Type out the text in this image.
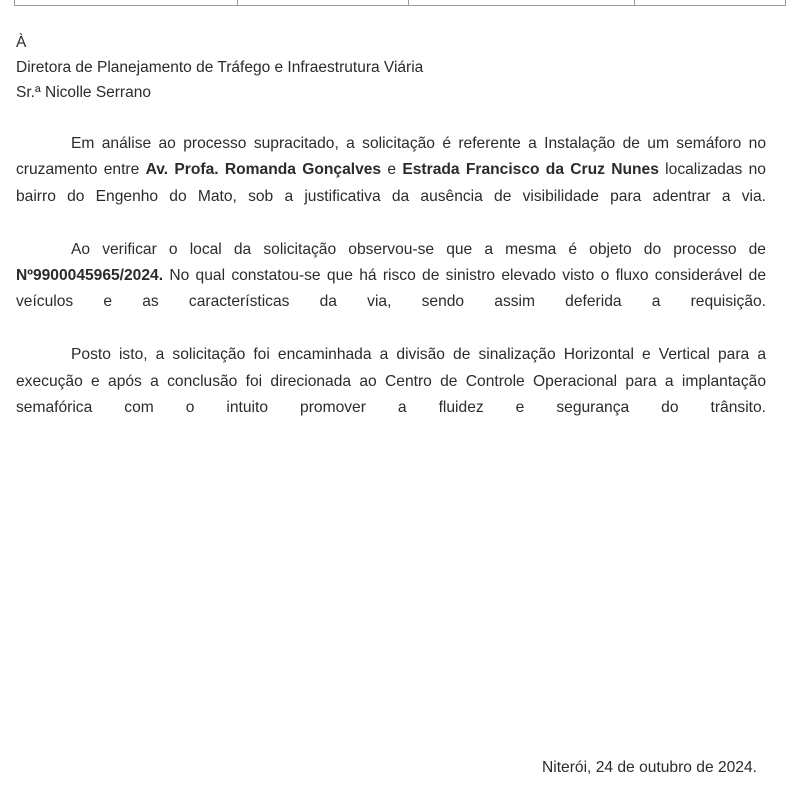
À
Diretora de Planejamento de Tráfego e Infraestrutura Viária
Sr.ª Nicolle Serrano

Em análise ao processo supracitado, a solicitação é referente a Instalação de um semáforo no cruzamento entre Av. Profa. Romanda Gonçalves e Estrada Francisco da Cruz Nunes localizadas no bairro do Engenho do Mato, sob a justificativa da ausência de visibilidade para adentrar a via.

Ao verificar o local da solicitação observou-se que a mesma é objeto do processo de Nº9900045965/2024. No qual constatou-se que há risco de sinistro elevado visto o fluxo considerável de veículos e as características da via, sendo assim deferida a requisição.

Posto isto, a solicitação foi encaminhada a divisão de sinalização Horizontal e Vertical para a execução e após a conclusão foi direcionada ao Centro de Controle Operacional para a implantação semafórica com o intuito promover a fluidez e segurança do trânsito.

Niterói, 24 de outubro de 2024.
